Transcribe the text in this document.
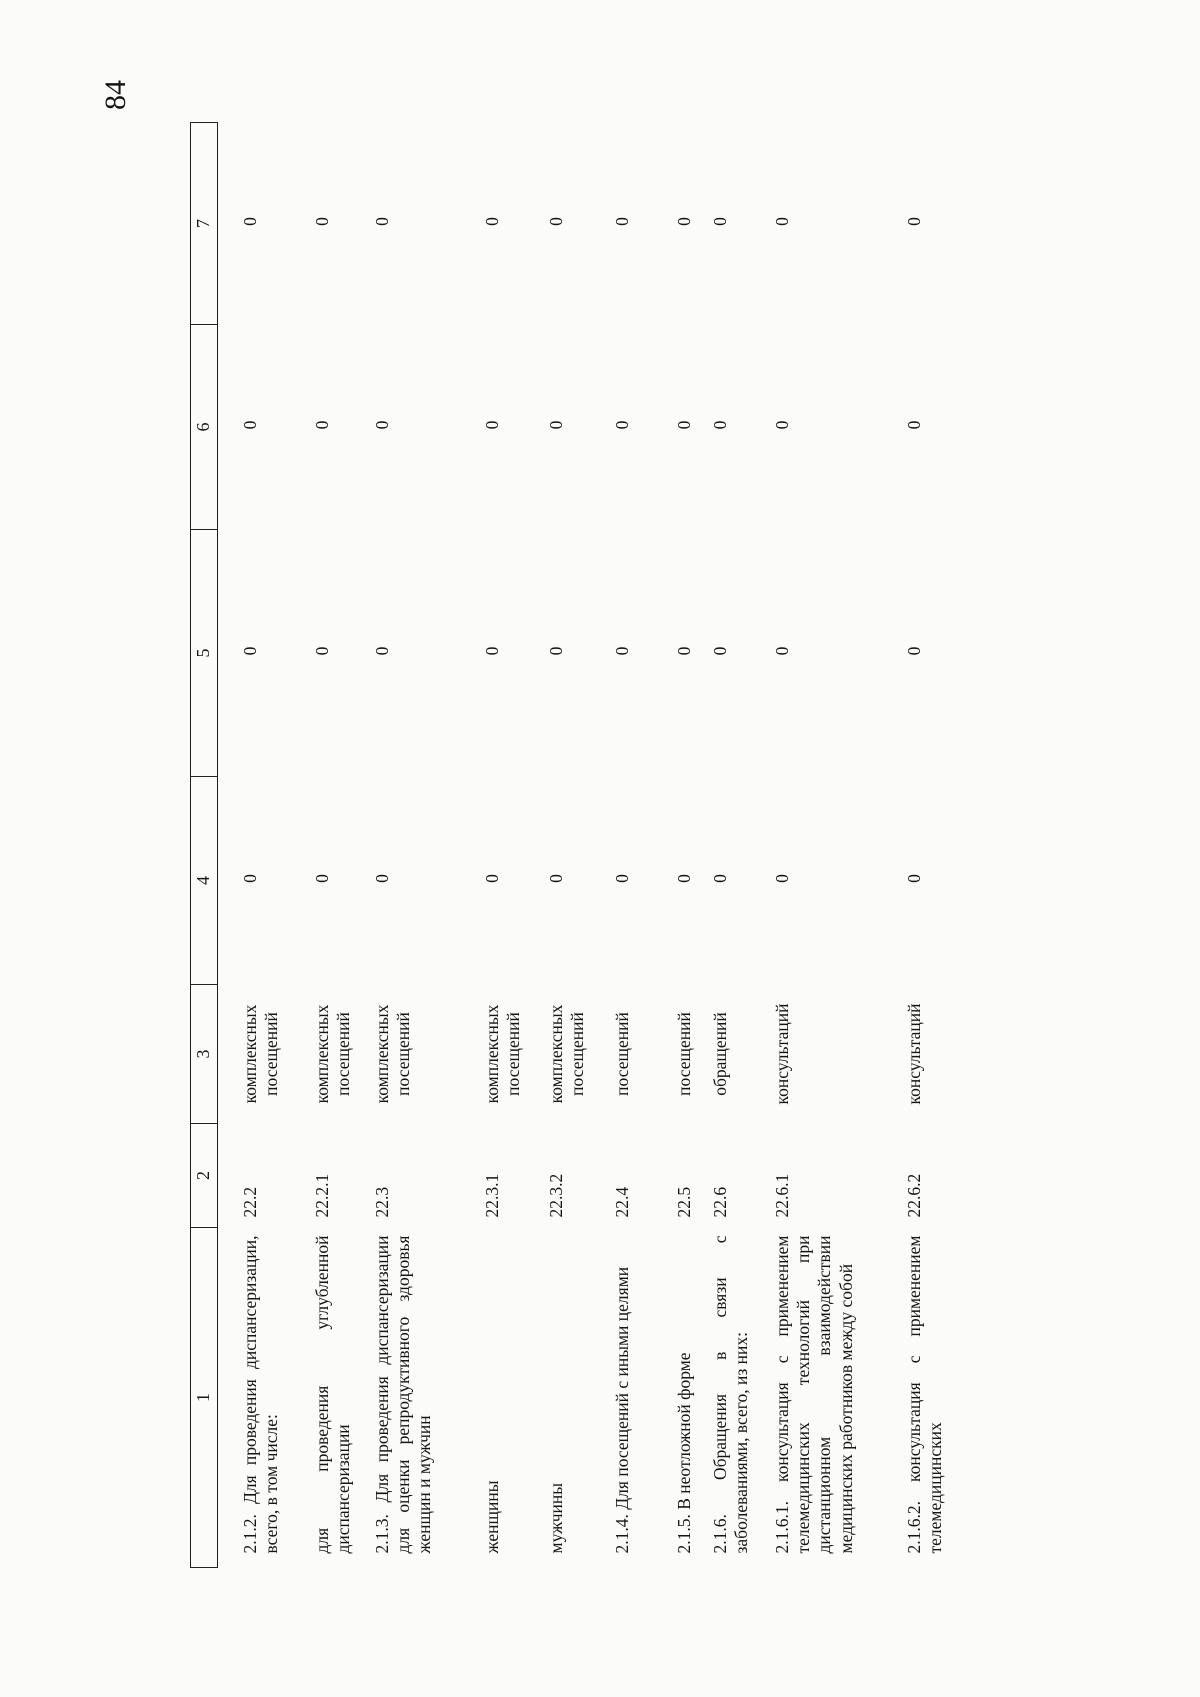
84
1	2	3	4	5	6	7
2.1.2. Для проведения диспансеризации, всего, в том числе:	22.2	комплексных посещений	0	0	0	0
для проведения углубленной диспансеризации	22.2.1	комплексных посещений	0	0	0	0
2.1.3. Для проведения диспансеризации для оценки репродуктивного здоровья женщин и мужчин	22.3	комплексных посещений	0	0	0	0
женщины	22.3.1	комплексных посещений	0	0	0	0
мужчины	22.3.2	комплексных посещений	0	0	0	0
2.1.4. Для посещений с иными целями	22.4	посещений	0	0	0	0
2.1.5. В неотложной форме	22.5	посещений	0	0	0	0
2.1.6. Обращения в связи с заболеваниями, всего, из них:	22.6	обращений	0	0	0	0
2.1.6.1. консультация с применением телемедицинских технологий при дистанционном взаимодействии медицинских работников между собой	22.6.1	консультаций	0	0	0	0
2.1.6.2. консультация с применением телемедицинских	22.6.2	консультаций	0	0	0	0
